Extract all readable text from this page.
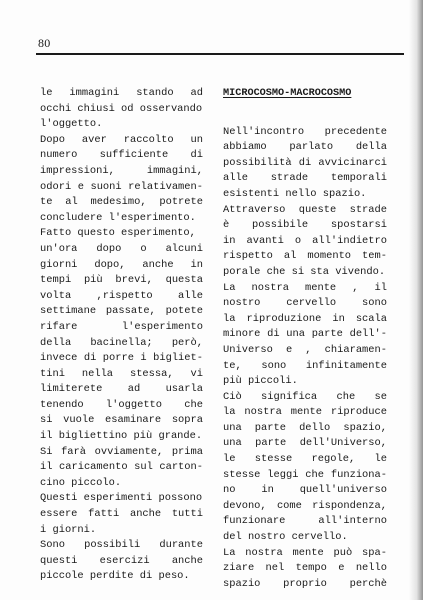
80
le immagini stando ad
occhi chiusi od osservando
l'oggetto.
Dopo aver raccolto un
numero sufficiente di
impressioni, immagini,
odori e suoni relativamen-
te al medesimo, potrete
concludere l'esperimento.
Fatto questo esperimento,
un'ora dopo o alcuni
giorni dopo, anche in
tempi più brevi, questa
volta ,rispetto alle
settimane passate, potete
rifare l'esperimento
della bacinella; però,
invece di porre i bigliet-
tini nella stessa, vi
limiterete ad usarla
tenendo l'oggetto che
si vuole esaminare sopra
il bigliettino più grande.
Si farà ovviamente, prima
il caricamento sul carton-
cino piccolo.
Questi esperimenti possono
essere fatti anche tutti
i giorni.
Sono possibili durante
questi esercizi anche
piccole perdite di peso.
MICROCOSMO-MACROCOSMO
Nell'incontro precedente
abbiamo parlato della
possibilità di avvicinarci
alle strade temporali
esistenti nello spazio.
Attraverso queste strade
è possibile spostarsi
in avanti o all'indietro
rispetto al momento tem-
porale che si sta vivendo.
La nostra mente , il
nostro cervello sono
la riproduzione in scala
minore di una parte dell'-
Universo e , chiaramen-
te, sono infinitamente
più piccoli.
Ciò significa che se
la nostra mente riproduce
una parte dello spazio,
una parte dell'Universo,
le stesse regole, le
stesse leggi che funziona-
no in quell'universo
devono, come rispondenza,
funzionare all'interno
del nostro cervello.
La nostra mente può spa-
ziare nel tempo e nello
spazio proprio perchè
